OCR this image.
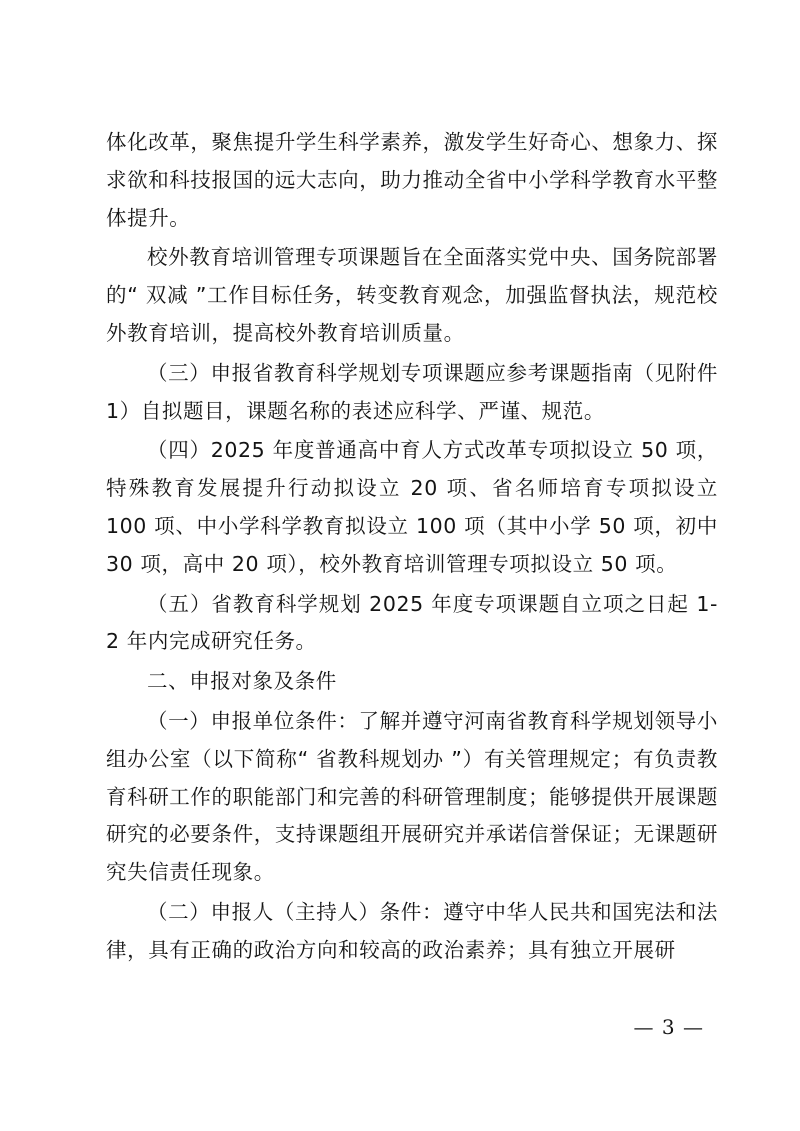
体化改革，聚焦提升学生科学素养，激发学生好奇心、想象力、探求欲和科技报国的远大志向，助力推动全省中小学科学教育水平整体提升。

校外教育培训管理专项课题旨在全面落实党中央、国务院部署的“ 双减 ”工作目标任务，转变教育观念，加强监督执法，规范校外教育培训，提高校外教育培训质量。

（三）申报省教育科学规划专项课题应参考课题指南（见附件 1）自拟题目，课题名称的表述应科学、严谨、规范。

（四）2025 年度普通高中育人方式改革专项拟设立 50 项，特殊教育发展提升行动拟设立 20 项、省名师培育专项拟设立 100 项、中小学科学教育拟设立 100 项（其中小学 50 项，初中 30 项，高中 20 项），校外教育培训管理专项拟设立 50 项。

（五）省教育科学规划 2025 年度专项课题自立项之日起 1-2 年内完成研究任务。

二、申报对象及条件

（一）申报单位条件：了解并遵守河南省教育科学规划领导小组办公室（以下简称“ 省教科规划办 ”）有关管理规定；有负责教育科研工作的职能部门和完善的科研管理制度；能够提供开展课题研究的必要条件，支持课题组开展研究并承诺信誉保证；无课题研究失信责任现象。

（二）申报人（主持人）条件：遵守中华人民共和国宪法和法律，具有正确的政治方向和较高的政治素养；具有独立开展研

— 3 —
